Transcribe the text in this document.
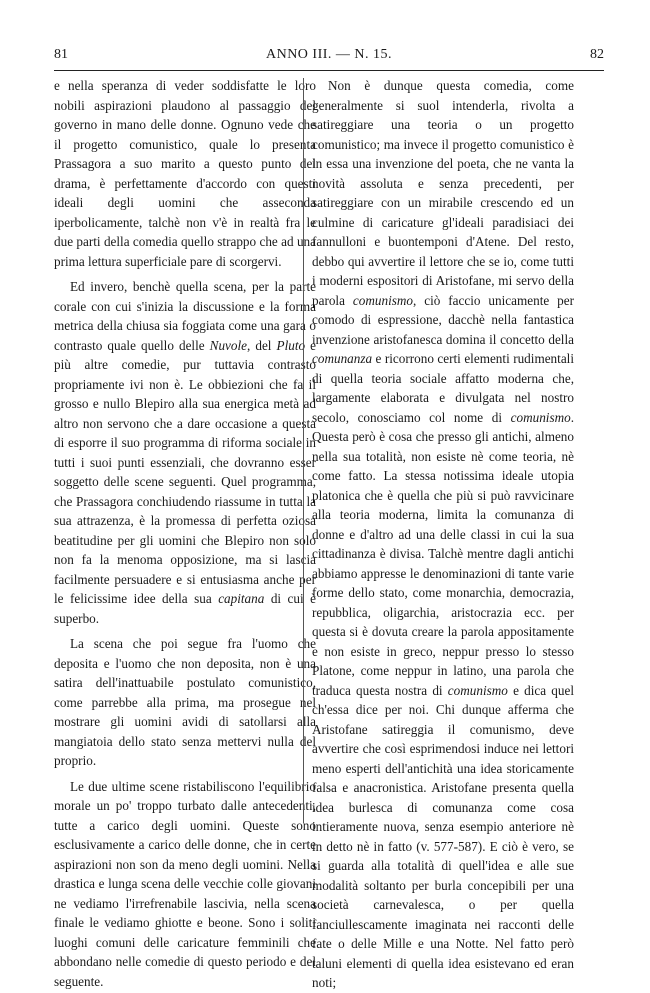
81	ANNO III. — N. 15.	82

e nella speranza di veder soddisfatte le loro nobili aspirazioni plaudono al passaggio del governo in mano delle donne. Ognuno vede che il progetto comunistico, quale lo presenta Prassagora a suo marito a questo punto del drama, è perfettamente d'accordo con questi ideali degli uomini che asseconda iperbolicamente, talchè non v'è in realtà fra le due parti della comedia quello strappo che ad una prima lettura superficiale pare di scorgervi.

Ed invero, benchè quella scena, per la parte corale con cui s'inizia la discussione e la forma metrica della chiusa sia foggiata come una gara o contrasto quale quello delle Nuvole, del Pluto e più altre comedie, pur tuttavia contrasto propriamente ivi non è. Le obbiezioni che fa il grosso e nullo Blepiro alla sua energica metà ad altro non servono che a dare occasione a questa di esporre il suo programma di riforma sociale in tutti i suoi punti essenziali, che dovranno esser soggetto delle scene seguenti. Quel programma, che Prassagora conchiudendo riassume in tutta la sua attrazenza, è la promessa di perfetta oziosa beatitudine per gli uomini che Blepiro non solo non fa la menoma opposizione, ma si lascia facilmente persuadere e si entusiasma anche per le felicissime idee della sua capitana di cui è superbo.

La scena che poi segue fra l'uomo che deposita e l'uomo che non deposita, non è una satira dell'inattuabile postulato comunistico, come parrebbe alla prima, ma prosegue nel mostrare gli uomini avidi di satollarsi alla mangiatoia dello stato senza mettervi nulla del proprio.

Le due ultime scene ristabiliscono l'equilibrio morale un po' troppo turbato dalle antecedenti, tutte a carico degli uomini. Queste sono esclusivamente a carico delle donne, che in certe aspirazioni non son da meno degli uomini. Nella drastica e lunga scena delle vecchie colle giovani ne vediamo l'irrefrenabile lascivia, nella scena finale le vediamo ghiotte e beone. Sono i soliti luoghi comuni delle caricature femminili che abbondano nelle comedie di questo periodo e del seguente.

Non è dunque questa comedia, come generalmente si suol intenderla, rivolta a satireggiare una teoria o un progetto comunistico; ma invece il progetto comunistico è in essa una invenzione del poeta, che ne vanta la novità assoluta e senza precedenti, per satireggiare con un mirabile crescendo ed un culmine di caricature gl'ideali paradisiaci dei fannulloni e buontemponi d'Atene. Del resto, debbo qui avvertire il lettore che se io, come tutti i moderni espositori di Aristofane, mi servo della parola comunismo, ciò faccio unicamente per comodo di espressione, dacchè nella fantastica invenzione aristofanesca domina il concetto della comunanza e ricorrono certi elementi rudimentali di quella teoria sociale affatto moderna che, largamente elaborata e divulgata nel nostro secolo, conosciamo col nome di comunismo. Questa però è cosa che presso gli antichi, almeno nella sua totalità, non esiste nè come teoria, nè come fatto. La stessa notissima ideale utopia platonica che è quella che più si può ravvicinare alla teoria moderna, limita la comunanza di donne e d'altro ad una delle classi in cui la sua cittadinanza è divisa. Talchè mentre dagli antichi abbiamo appresse le denominazioni di tante varie forme dello stato, come monarchia, democrazia, repubblica, oligarchia, aristocrazia ecc. per questa si è dovuta creare la parola appositamente e non esiste in greco, neppur presso lo stesso Platone, come neppur in latino, una parola che traduca questa nostra di comunismo e dica quel ch'essa dice per noi. Chi dunque afferma che Aristofane satireggia il comunismo, deve avvertire che così esprimendosi induce nei lettori meno esperti dell'antichità una idea storicamente falsa e anacronistica. Aristofane presenta quella idea burlesca di comunanza come cosa intieramente nuova, senza esempio anteriore nè in detto nè in fatto (v. 577-587). E ciò è vero, se si guarda alla totalità di quell'idea e alle sue modalità soltanto per burla concepibili per una società carnevalesca, o per quella fanciullescamente imaginata nei racconti delle fate o delle Mille e una Notte. Nel fatto però taluni elementi di quella idea esistevano ed eran noti;
